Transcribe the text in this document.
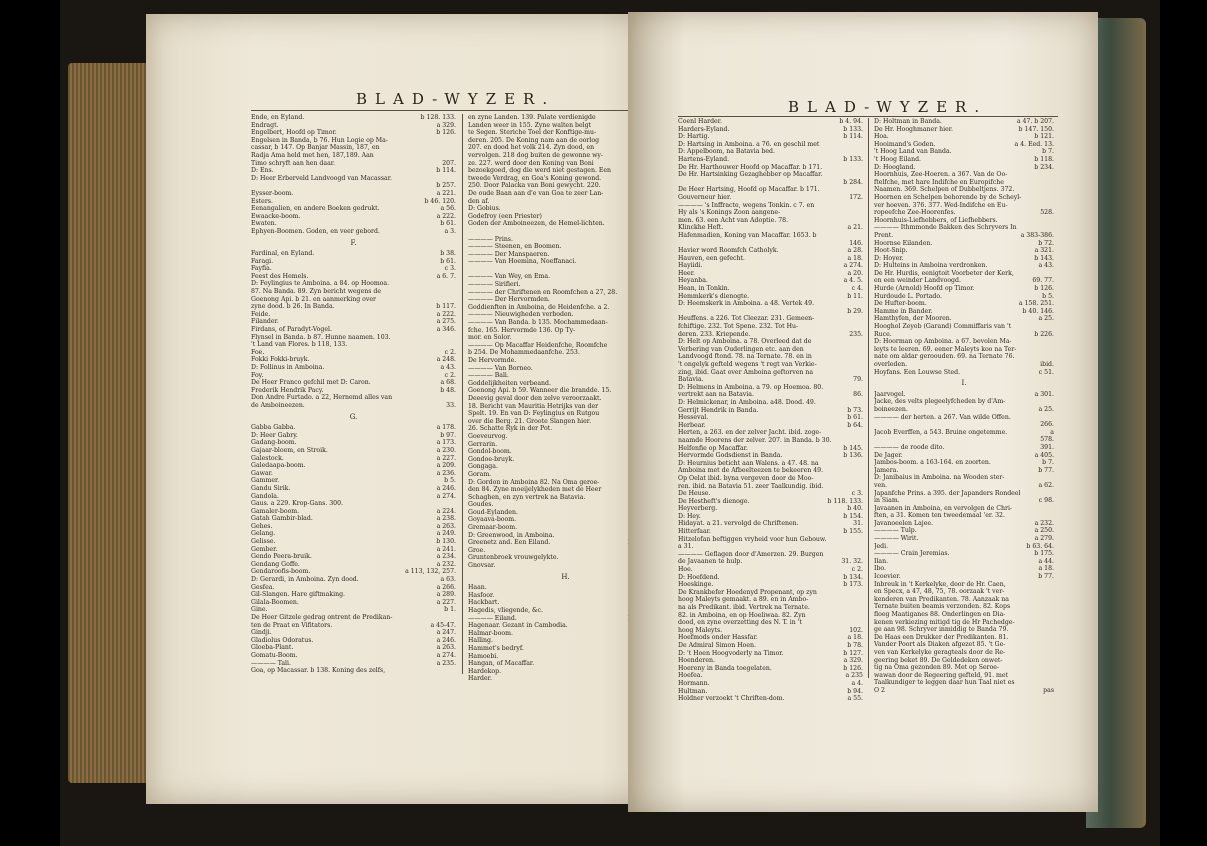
BLAD-WYZER.
Ende, en Eyland.	b 128. 133.
Endragt.	a 329.
Engelbert, Hoofd op Timor.	b 126.
Engelsen in Banda, b 76. Hun Logie op Ma-
cassar, b 147. Op Banjar Massin, 187, en
Radja Ama held met hen, 187,189. Aan
Timo schryft aan hen daar.	207.
D: Ens.	b 114.
D: Heer Erberveld Landvoogd van Macassar.
b 257.
Eysser-boom.	a 221.
Esters.	b 46. 120.
Eenangalien, en andere Boeken gedrukt.	a 56.
Ewaacke-boom.	a 222.
Ewaten.	b 61.
Ephyen-Boomen. Goden, en veer gebord.	a 3.
F.
Fardinal, en Eyland.	b 38.
Faragi.	b 61.
Fayfia.	c 3.
Feest des Hemels.	a 6. 7.
D: Feylingius te Amboina. a 84. op Hoomoa.
87. Na Banda. 89. Zyn bericht wegens de
Goenong Api. b 21. en aanmerking over
zyne dood. b 26. In Banda.	b 117.
Feide.	a 222.
Filander.	a 275.
Firdans, of Paradyt-Vogel.	a 346.
Flynsel in Banda. b 87. Hunne naamen. 103.
't Land van Flores. b 118, 133.
Foe.	c 2.
Fokki Fokki-bruyk.	a 248.
D: Follinus in Amboina.	a 43.
Foy.	c 2.
De Heer Franco gefchil met D: Caron.	a 68.
Frederik Hendrik Pacy.	b 48.
Don Andre Furtado. a 22, Hernemd alles van
de Amboineezen.	33.
G.
Gabba Gabba.	a 178.
D: Heer Gabry.	b 97.
Gadang-boom.	a 173.
Gajaar-bloem, en Stroik.	a 230.
Galestock.	a 227.
Galedaapa-boom.	a 209.
Gawar.	a 236.
Gammer.	b 5.
Gandu Sirik.	a 246.
Gandola.	a 274.
Gaus. a 229. Krop-Gans. 300.
Gamaler-boom.	a 224.
Gatah Gambir-blad.	a 238.
Gehes.	a 263.
Gelang.	a 249.
Gelisse.	b 130.
Gember.	a 241.
Gendo Peera-bruik.	a 234.
Gendang Goffe.	a 232.
Gendaroofis-boom.	a 113, 132, 257.
D: Gerardi, in Amboina. Zyn dood.	a 63.
Gesfea.	a 266.
Gil-Slangen. Hare giftmaking.	a 289.
Gilala-Boomen.	a 227.
Gine.	b 1.
De Heer Gitzele gedrag ontrent de Predikan-
ten de Praat en Vifitators.	a 45-47.
Gindji.	a 247.
Gladiolus Odoratus.	a 246.
Gloeba-Plant.	a 263.
Gomatu-Boom.	a 274.
———— Tali.	a 235.
Goa, op Macassar. b 138. Koning des zelfs,
en zyne Landen. 139. Palate verdienigde
Landen weer in 155. Zyne walten belgt
te Segen. Steriche Toel der Konftige-mu-
deren. 205. De Koning nam aan de oorlog
207. en dood het volk 214. Zyn dood, en
vervolgen. 218 dog buiten de gewonne wy-
ze. 227. werd door den Koning van Boni
bezoekgoed, dog die werd niet gestagen. Een
tweede Verdrag, en Goa's Koning gewond.
250. Door Palacka van Boni gewycht. 220.
De oude Baan aan d'e van Goa te zeer Lan-
den af.
D: Gobius.
Godefroy (een Priester)
Goden der Amboineezen, de Hemel-lichten.
———— Prins.
———— Steenen, en Boomen.
———— Der Manspaeren.
———— Van Hoemina, Noeffanaci.
———— Van Wey, en Ema.
———— Sirifieri.
———— der Chriftenen en Roomfchen a 27, 28.
———— Der Hervormden.
Goddienften in Amboina, de Heidenfche. a 2.
———— Nieuwigheden verboden.
———— Van Banda. b 135. Mochammedaan-
fche. 165. Hervormde 136. Op Ty-
mor. en Solor.
———— Op Macaffar Heidenfche, Roomfche
b 254. De Mohammedaanfche. 253.
De Hervormde.
———— Van Borneo.
———— Bali.
Goddelijkheiten verbeand.
Goenong Api. b 59. Wanneer die brandde. 15.
Deeevig geval door den zelve veroorzaakt.
18. Bericht van Mauritia Hetrijks van der
Spelt. 19. En van D: Feylingius en Rutgou
over die Berg. 21. Groote Slangen hier.
26. Schatte Ryk in der Pot.
Goeveurvog.
Gerrarin.
Gondol-boom.
Gondoe-bruyk.
Gongaga.
Goram.
D: Gordon in Amboina 82. Na Oma geroe-
den 84. Zyne moeijelykheden met de Heer
Schaghen, en zyn vertrek na Batavia.
Goudes.
Goud-Eylanden.
Goyaava-boom.
Gremaar-boom.
D: Greenwood, in Amboina.
Greenetz and. Een Eiland.
Groe.
Gruntenbroek vrouwgelykte.
Gnovsar.
H.
Haan.
Hasfoor.
Hackbart.
Hagedis, vliegende, &c.
———— Eiland.
Hagenaar. Gezant in Cambodia.
Halmar-boom.
Halling.
Hammet's bedryf.
Hamoebi.
Hangan, of Macaffar.
Hardekop.
Harder.
BLAD-WYZER.
Coenl Harder.	b 4. 94.
Harders-Eyland.	b 133.
D: Hartig.	b 114.
D: Hartsing in Amboina. a 76. en geschil met
D: Appelboom, na Batavia bed.
Hartens-Eyland.	b 133.
De Hr. Harthouwer Hoofd op Macaffar. b 171.
De Hr. Hartsinking Gezaghebber op Macaffar.
b 284.
De Heer Hartsing, Hoofd op Macaffar. b 171.
Gouverneur hier.	172.
———— 's Inffracte, wegens Tonkin. c 7. en
Hy als 's Konings Zoon aangene-
men. 63. een Acht van Adoptie. 78.
Klinckhe Heft.	a 21.
Hafenmadien, Koning van Macaffar. 1653. b
146.
Havier word Roomfch Catholyk.	a 28.
Hauven, een gefecht.	a 18.
Hayiidi.	a 274.
Heer.	a 20.
Heyanba.	a 4. 5.
Hean, in Tonkin.	c 4.
Hemmkerk's dienogte.	b 11.
D: Heemskerk in Amboina. a 48. Vertek 49.
b 29.
Heuffens. a 226. Tot Cleezar. 231. Gemeen-
fchiftige. 232. Tot Spene. 232. Tot Hu-
deren. 233. Kriepende.	235.
D: Helt op Amboina. a 78. Overleed dat de
Verbering van Ouderlingen etc. aan den
Landvoogd ftond. 78. na Ternate. 78. en in
't ongelyk gefteld wegens 't regt van Verkie-
zing, ibid. Gaat over Amboina geftorven na
Batavia.	79.
D: Helmens in Amboina. a 79. op Hoemoa. 80.
vertrekt aan na Batavia.	86.
D: Helmickenar, in Amboina. a48. Dood. 49.
Gerrijt Hendrik in Banda.	b 73.
Hesseval.	b 61.
Herbear.	b 64.
Herten, a 263. en der zelver Jacht. ibid. zoge-
naamde Hoorens der zelver. 207. in Banda. b 30.
Helfenfie op Macaffar.	b 145.
Hervormde Godsdienst in Banda.	b 136.
D: Heurnius beticht aan Walens. a 47. 48. na
Amboina met de Afbeelteezen te bekeeren 49.
Op Oelat ibid. byna vergeven door de Moo-
ren. ibid. na Batavia 51. zeer Taalkundig. ibid.
De Heuse.	c 3.
De Hestheft's dienoge.	b 118. 133.
Heyverberg.	b 40.
D: Hey.	b 154.
Hidayat. a 21. vervolgd de Chriftenen.	31.
Hitterfaar.	b 155.
Hitzelofan beftiggen vryheid voor hun Gebouw.
a 31.
———— Geflagen door d'Amerzen. 29. Burgen
de Javaanen te hulp.	31. 32.
Hoe.	c 2.
D: Hoefdend.	b 134.
Hoeskinge.	b 173.
De Krankbefer Hoedenyd Propenant, op zyn
hoog Maleyts gemaakt. a 89. en in Ambo-
na als Predikant. ibid. Vertrek na Ternate.
82. in Amboina, en op Hoeliwaa. 82. Zyn
dood, en zyne overzetting des N. T. in 't
hoog Maleyts.	102.
Hoefmods onder Hassfar.	a 18.
De Admiral Simon Hoen.	b 78.
D: 't Hoen Hoogvoderly na Timor.	b 127.
Hoenderen.	a 329.
Hoereny in Banda toegelaten.	b 126.
Hoefea.	a 235
Hormann.	a 4.
Hultman.	b 94.
Holdner verzoekt 't Chriften-dom.	a 55.
D: Holtman in Banda.	a 47. b 207.
De Hr. Hooghmaner hier.	b 147. 150.
Hoa.	b 121.
Hooimand's Goden.	a 4. Eed. 13.
't Hoog Land van Banda.	b 7.
't Hoog Eiland.	b 118.
D: Hoogland.	b 234.
Hoornhuis, Zee-Hoeren. a 367. Van de Oo-
ftelfche, met hare Indifche en Europifche
Naamen. 369. Schelpen of Dubbeltjens. 372.
Hoornen en Schelpen behorende by de Scheyl-
ver hoeven. 376. 377. Wed-Indifche en Eu-
ropeefche Zee-Hoorenfes.	528.
Hoornhuis-Liefhebbers, of Liefhebbers.
———— Ithmmonde Bakken des Schryvers In
Prent.	a 383-386.
Hoornse Eilanden.	b 72.
Hoot-Snip.	a 321.
D: Hoyer.	b 143.
D: Hulteins in Amboina verdronken.	a 43.
De Hr. Hurdis, eenigtoit Voorbeter der Kerk,
en een weinder Landvoogd.	69. 77.
Hurde (Arnold) Hoofd op Timor.	b 126.
Hurdoude L. Portado.	b 5.
De Hufter-boom.	a 158. 251.
Hamme in Bander.	b 40. 146.
Hamthyfen, der Mooren.	a 25.
Hooghol Zeyeb (Garand) Commiffaris van 't
Ruce.	b 226.
D: Hoorman op Amboina. a 67. bevolen Ma-
leyts te leeren. 69. eener Maleyts koo na Ter-
nate om aldar geroouden. 69. na Ternate 76.
overleden.	ibid.
Hoyfans. Een Louwse Sted.	c 51.
I.
Jaarvogel.	a 301.
Jacke, des velts plegeelyfcheden by d'Am-
boineezen.	a 25.
———— der herten. a 267. Van wilde Offen.
266.
Jacob Everffen, a 543. Bruine ongetemme.	a
578.
———— de roode dito.	391.
De Jager.	a 405.
Jambos-boom. a 163-164. en zoorten.	b 7.
Jamera.	b 77.
D: Janibaius in Amboina. na Wooden ster-
ven.	a 62.
Japanfche Prins. a 395. der Japanders Rondeel
in Siam.	c 98.
Javaanen in Amboina, en vervolgen de Chri-
ften, a 31. Komen ten tweedemaal 'er. 32.
Javanoeelen Lajee.	a 232.
———— Tulp.	a 250.
———— Wirit.	a 279.
Jedi.	b 63. 64.
———— Crain Jeremias.	b 175.
Ilan.	a 44.
Ibo.	a 18.
Icoevier.	b 77.
Inbreuk in 't Kerkelyke, door de Hr. Caen,
en Specx, a 47, 48, 75, 78. oorzaak 't ver-
kenderen van Predikanten. 78. Aanzaak na
Ternate buiten beamis verzonden. 82. Kops
floeg Maatiganes 88. Onderlingen en Dia-
kenen verkiezing mitigd tig de Hr Pachedge-
ge aan 98. Schryver inmiddig te Banda 79.
De Haas een Drukker der Predikanten. 81.
Vander Poort als Diaken afgezet 85. 't Ge-
ven van Kerkelyke geragteals door de Re-
geering beket 89. De Geldedeken onwet-
tig na Oma gezonden 89. Met op Seroe-
wawan door de Regeering gefteld, 91. met
Taalkundiger te leggen daar hun Taal niet es
O 2	pas
